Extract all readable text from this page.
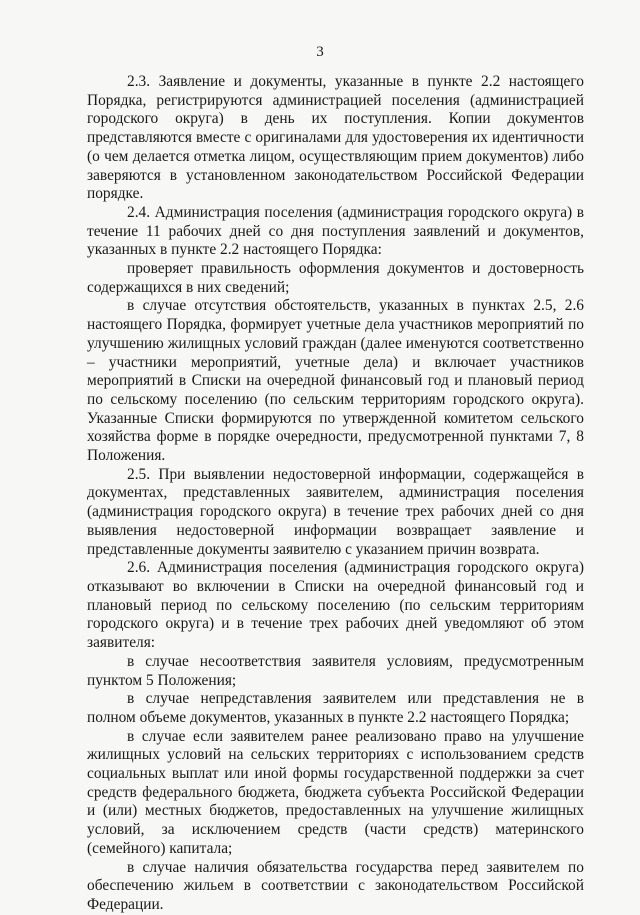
3

2.3. Заявление и документы, указанные в пункте 2.2 настоящего Порядка, регистрируются администрацией поселения (администрацией городского округа) в день их поступления. Копии документов представляются вместе с оригиналами для удостоверения их идентичности (о чем делается отметка лицом, осуществляющим прием документов) либо заверяются в установленном законодательством Российской Федерации порядке.

2.4. Администрация поселения (администрация городского округа) в течение 11 рабочих дней со дня поступления заявлений и документов, указанных в пункте 2.2 настоящего Порядка:

проверяет правильность оформления документов и достоверность содержащихся в них сведений;

в случае отсутствия обстоятельств, указанных в пунктах 2.5, 2.6 настоящего Порядка, формирует учетные дела участников мероприятий по улучшению жилищных условий граждан (далее именуются соответственно – участники мероприятий, учетные дела) и включает участников мероприятий в Списки на очередной финансовый год и плановый период по сельскому поселению (по сельским территориям городского округа). Указанные Списки формируются по утвержденной комитетом сельского хозяйства форме в порядке очередности, предусмотренной пунктами 7, 8 Положения.

2.5. При выявлении недостоверной информации, содержащейся в документах, представленных заявителем, администрация поселения (администрация городского округа) в течение трех рабочих дней со дня выявления недостоверной информации возвращает заявление и представленные документы заявителю с указанием причин возврата.

2.6. Администрация поселения (администрация городского округа) отказывают во включении в Списки на очередной финансовый год и плановый период по сельскому поселению (по сельским территориям городского округа) и в течение трех рабочих дней уведомляют об этом заявителя:

в случае несоответствия заявителя условиям, предусмотренным пунктом 5 Положения;

в случае непредставления заявителем или представления не в полном объеме документов, указанных в пункте 2.2 настоящего Порядка;

в случае если заявителем ранее реализовано право на улучшение жилищных условий на сельских территориях с использованием средств социальных выплат или иной формы государственной поддержки за счет средств федерального бюджета, бюджета субъекта Российской Федерации и (или) местных бюджетов, предоставленных на улучшение жилищных условий, за исключением средств (части средств) материнского (семейного) капитала;

в случае наличия обязательства государства перед заявителем по обеспечению жильем в соответствии с законодательством Российской Федерации.
